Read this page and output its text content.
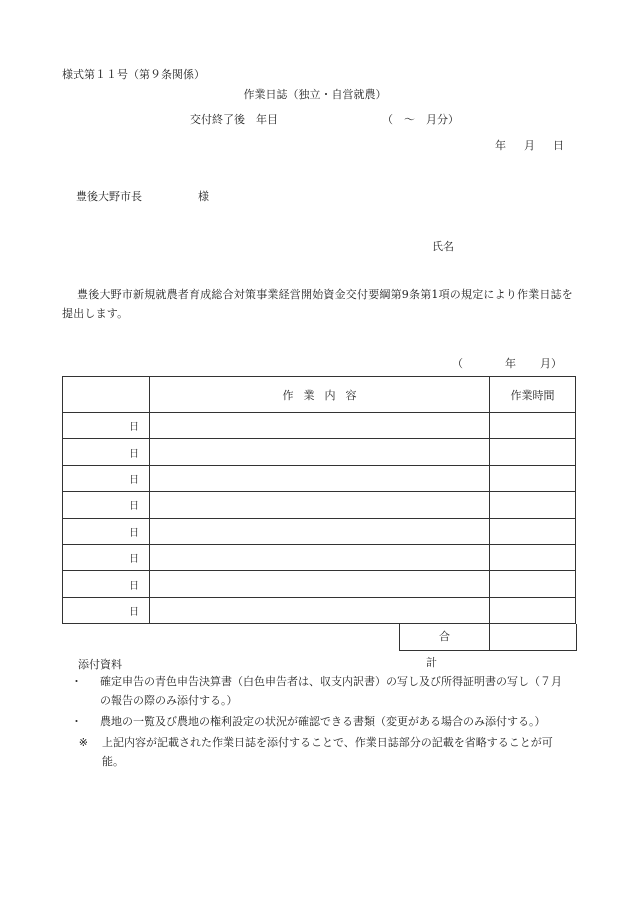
様式第１１号（第９条関係）
作業日誌（独立・自営就農）
交付終了後　年目	（　～　月分）
年 月 日
豊後大野市長	様
氏名
豊後大野市新規就農者育成総合対策事業経営開始資金交付要綱第9条第1項の規定により作業日誌を提出します。
（	年 月）
	作業内容	作業時間
日		
日		
日		
日		
日		
日		
日		
日		
合計
添付資料
・	確定申告の青色申告決算書（白色申告者は、収支内訳書）の写し及び所得証明書の写し（７月の報告の際のみ添付する。）
・	農地の一覧及び農地の権利設定の状況が確認できる書類（変更がある場合のみ添付する。）
※	上記内容が記載された作業日誌を添付することで、作業日誌部分の記載を省略することが可能。
